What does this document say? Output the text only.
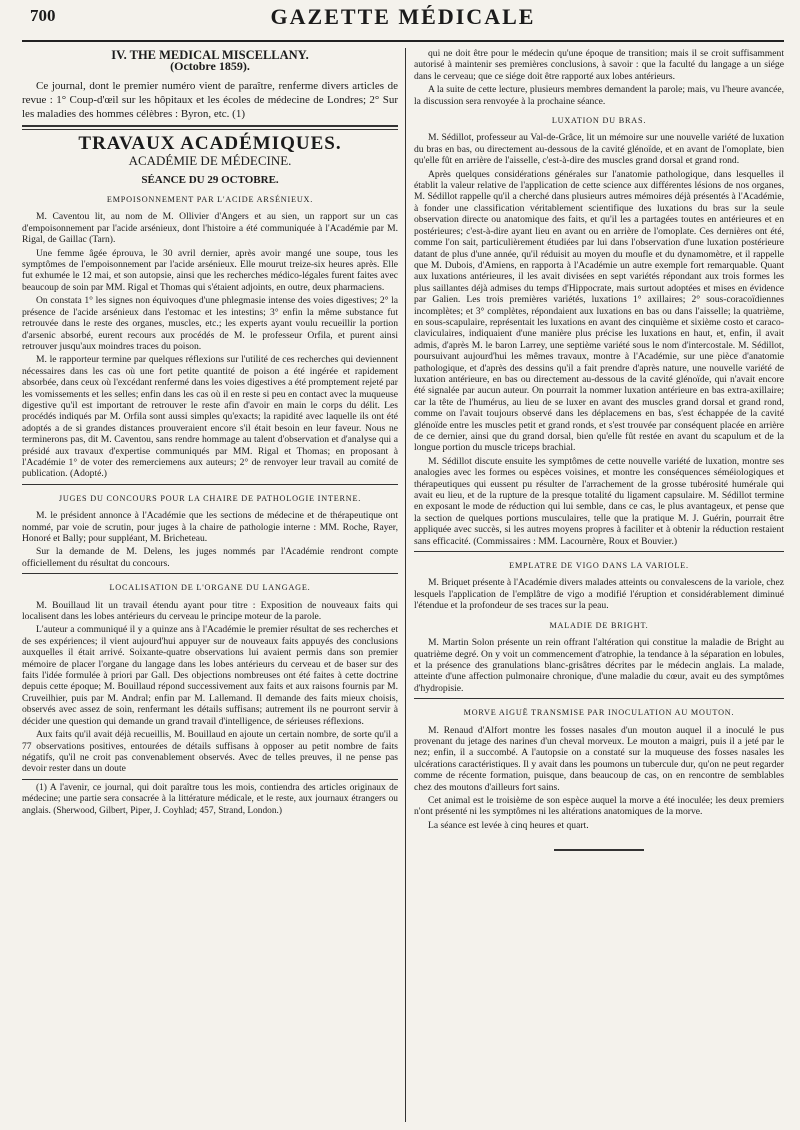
700	GAZETTE MÉDICALE
IV. THE MEDICAL MISCELLANY.
(Octobre 1859).

Ce journal, dont le premier numéro vient de paraître, renferme divers articles de revue : 1° Coup-d'œil sur les hôpitaux et les écoles de médecine de Londres; 2° Sur les maladies des hommes célèbres : Byron, etc. (1)

TRAVAUX ACADÉMIQUES.
ACADÉMIE DE MÉDECINE.
SÉANCE DU 29 OCTOBRE.
EMPOISONNEMENT PAR L'ACIDE ARSÉNIEUX.

M. Caventou lit, au nom de M. Ollivier d'Angers et au sien, un rapport sur un cas d'empoisonnement par l'acide arsénieux, dont l'histoire a été communiquée à l'Académie par M. Rigal, de Gaillac (Tarn).

Une femme âgée éprouva, le 30 avril dernier, après avoir mangé une soupe, tous les symptômes de l'empoisonnement par l'acide arsénieux. Elle mourut treize-six heures après. Elle fut exhumée le 12 mai, et son autopsie, ainsi que les recherches médico-légales furent faites avec beaucoup de soin par MM. Rigal et Thomas qui s'étaient adjoints, en outre, deux pharmaciens.

On constata 1° les signes non équivoques d'une phlegmasie intense des voies digestives; 2° la présence de l'acide arsénieux dans l'estomac et les intestins; 3° enfin la même substance fut retrouvée dans le reste des organes, muscles, etc.; les experts ayant voulu recueillir la portion d'arsenic absorbé, eurent recours aux procédés de M. le professeur Orfila, et purent ainsi retrouver jusqu'aux moindres traces du poison.

M. le rapporteur termine par quelques réflexions sur l'utilité de ces recherches qui deviennent nécessaires dans les cas où une fort petite quantité de poison a été ingérée et rapidement absorbée, dans ceux où l'excédant renfermé dans les voies digestives a été promptement rejeté par les vomissements et les selles; enfin dans les cas où il en reste si peu en contact avec la muqueuse digestive qu'il est important de retrouver le reste afin d'avoir en main le corps du délit. Les procédés indiqués par M. Orfila sont aussi simples qu'exacts; la rapidité avec laquelle ils ont été adoptés a de si grandes distances prouveraient encore s'il était besoin en leur faveur. Nous ne terminerons pas, dit M. Caventou, sans rendre hommage au talent d'observation et d'analyse qui a présidé aux travaux d'expertise communiqués par MM. Rigal et Thomas; en proposant à l'Académie 1° de voter des remerciemens aux auteurs; 2° de renvoyer leur travail au comité de publication. (Adopté.)

JUGES DU CONCOURS POUR LA CHAIRE DE PATHOLOGIE INTERNE.

M. le président annonce à l'Académie que les sections de médecine et de thérapeutique ont nommé, par voie de scrutin, pour juges à la chaire de pathologie interne : MM. Roche, Rayer, Honoré et Bally; pour suppléant, M. Bricheteau.

Sur la demande de M. Delens, les juges nommés par l'Académie rendront compte officiellement du résultat du concours.

LOCALISATION DE L'ORGANE DU LANGAGE.

M. Bouillaud lit un travail étendu ayant pour titre : Exposition de nouveaux faits qui localisent dans les lobes antérieurs du cerveau le principe moteur de la parole.

L'auteur a communiqué il y a quinze ans à l'Académie le premier résultat de ses recherches et de ses expériences; il vient aujourd'hui appuyer sur de nouveaux faits appuyés des conclusions auxquelles il était arrivé. Soixante-quatre observations lui avaient permis dans son premier mémoire de placer l'organe du langage dans les lobes antérieurs du cerveau et de baser sur des faits l'idée formulée à priori par Gall. Des objections nombreuses ont été faites à cette doctrine depuis cette époque; M. Bouillaud répond successivement aux faits et aux raisons fournis par M. Cruveilhier, puis par M. Andral; enfin par M. Lallemand. Il demande des faits mieux choisis, observés avec assez de soin, renfermant les détails suffisans; autrement ils ne pourront servir à décider une question qui demande un grand travail d'intelligence, de sérieuses réflexions.

Aux faits qu'il avait déjà recueillis, M. Bouillaud en ajoute un certain nombre, de sorte qu'il a 77 observations positives, entourées de détails suffisans à opposer au petit nombre de faits négatifs, qu'il ne croit pas convenablement observés. Avec de telles preuves, il ne pense pas devoir rester dans un doute

(1) A l'avenir, ce journal, qui doit paraître tous les mois, contiendra des articles originaux de médecine; une partie sera consacrée à la littérature médicale, et le reste, aux journaux étrangers ou anglais. (Sherwood, Gilbert, Piper, J. Coyhlad; 457, Strand, London.)

qui ne doit être pour le médecin qu'une époque de transition; mais il se croit suffisamment autorisé à maintenir ses premières conclusions, à savoir : que la faculté du langage a un siége dans le cerveau; que ce siége doit être rapporté aux lobes antérieurs.

A la suite de cette lecture, plusieurs membres demandent la parole; mais, vu l'heure avancée, la discussion sera renvoyée à la prochaine séance.

LUXATION DU BRAS.

M. Sédillot, professeur au Val-de-Grâce, lit un mémoire sur une nouvelle variété de luxation du bras en bas, ou directement au-dessous de la cavité glénoïde, et en avant de l'omoplate, bien qu'elle fût en arrière de l'aisselle, c'est-à-dire des muscles grand dorsal et grand rond.

Après quelques considérations générales sur l'anatomie pathologique, dans lesquelles il établit la valeur relative de l'application de cette science aux différentes lésions de nos organes, M. Sédillot rappelle qu'il a cherché dans plusieurs autres mémoires déjà présentés à l'Académie, à fonder une classification véritablement scientifique des luxations du bras sur la seule observation directe ou anatomique des faits, et qu'il les a partagées toutes en antérieures et en postérieures; c'est-à-dire ayant lieu en avant ou en arrière de l'omoplate. Ces dernières ont été, comme l'on sait, particulièrement étudiées par lui dans l'observation d'une luxation postérieure datant de plus d'une année, qu'il réduisit au moyen du moufle et du dynamomètre, et il rappelle que M. Dubois, d'Amiens, en rapporta à l'Académie un autre exemple fort remarquable. Quant aux luxations antérieures, il les avait divisées en sept variétés répondant aux trois formes les plus saillantes déjà admises du temps d'Hippocrate, mais surtout adoptées et mises en évidence par Galien. Les trois premières variétés, luxations 1° axillaires; 2° sous-coracoïdiennes incomplètes; et 3° complètes, répondaient aux luxations en bas ou dans l'aisselle; la quatrième, en sous-scapulaire, représentait les luxations en avant des cinquième et sixième costo et caraco-claviculaires, indiquaient d'une manière plus précise les luxations en haut, et, enfin, il avait admis, d'après M. le baron Larrey, une septième variété sous le nom d'intercostale. M. Sédillot, poursuivant aujourd'hui les mêmes travaux, montre à l'Académie, sur une pièce d'anatomie pathologique, et d'après des dessins qu'il a fait prendre d'après nature, une nouvelle variété de luxation antérieure, en bas ou directement au-dessous de la cavité glénoïde, qui n'avait encore été signalée par aucun auteur. On pourrait la nommer luxation antérieure en bas extra-axillaire; car la tête de l'humérus, au lieu de se luxer en avant des muscles grand dorsal et grand rond, comme on l'avait toujours observé dans les déplacemens en bas, s'est échappée de la cavité glénoïde entre les muscles petit et grand ronds, et s'est trouvée par conséquent placée en arrière de ce dernier, ainsi que du grand dorsal, bien qu'elle fût restée en avant du scapulum et de la longue portion du muscle triceps brachial.

M. Sédillot discute ensuite les symptômes de cette nouvelle variété de luxation, montre ses analogies avec les formes ou espèces voisines, et montre les conséquences séméiologiques et thérapeutiques qui eussent pu résulter de l'arrachement de la grosse tubérosité humérale qui avait eu lieu, et de la rupture de la presque totalité du ligament capsulaire. M. Sédillot termine en exposant le mode de réduction qui lui semble, dans ce cas, le plus avantageux, et pense que la section de quelques portions musculaires, telle que la pratique M. J. Guérin, pourrait être appliquée avec succès, si les autres moyens propres à faciliter et à obtenir la réduction restaient sans efficacité. (Commissaires : MM. Lacournère, Roux et Bouvier.)

EMPLATRE DE VIGO DANS LA VARIOLE.

M. Briquet présente à l'Académie divers malades atteints ou convalescens de la variole, chez lesquels l'application de l'emplâtre de vigo a modifié l'éruption et considérablement diminué l'étendue et la profondeur de ses traces sur la peau.

MALADIE DE BRIGHT.

M. Martin Solon présente un rein offrant l'altération qui constitue la maladie de Bright au quatrième degré. On y voit un commencement d'atrophie, la tendance à la séparation en lobules, et la présence des granulations blanc-grisâtres décrites par le médecin anglais. La malade, atteinte d'une affection pulmonaire chronique, d'une maladie du cœur, avait eu des symptômes d'hydropisie.

MORVE AIGUË TRANSMISE PAR INOCULATION AU MOUTON.

M. Renaud d'Alfort montre les fosses nasales d'un mouton auquel il a inoculé le pus provenant du jetage des narines d'un cheval morveux. Le mouton a maigri, puis il a jeté par le nez; enfin, il a succombé. A l'autopsie on a constaté sur la muqueuse des fosses nasales les ulcérations caractéristiques. Il y avait dans les poumons un tubercule dur, qu'on ne peut regarder comme de récente formation, puisque, dans beaucoup de cas, on en rencontre de semblables chez des moutons d'ailleurs fort sains.

Cet animal est le troisième de son espèce auquel la morve a été inoculée; les deux premiers n'ont présenté ni les symptômes ni les altérations anatomiques de la morve.

La séance est levée à cinq heures et quart.
